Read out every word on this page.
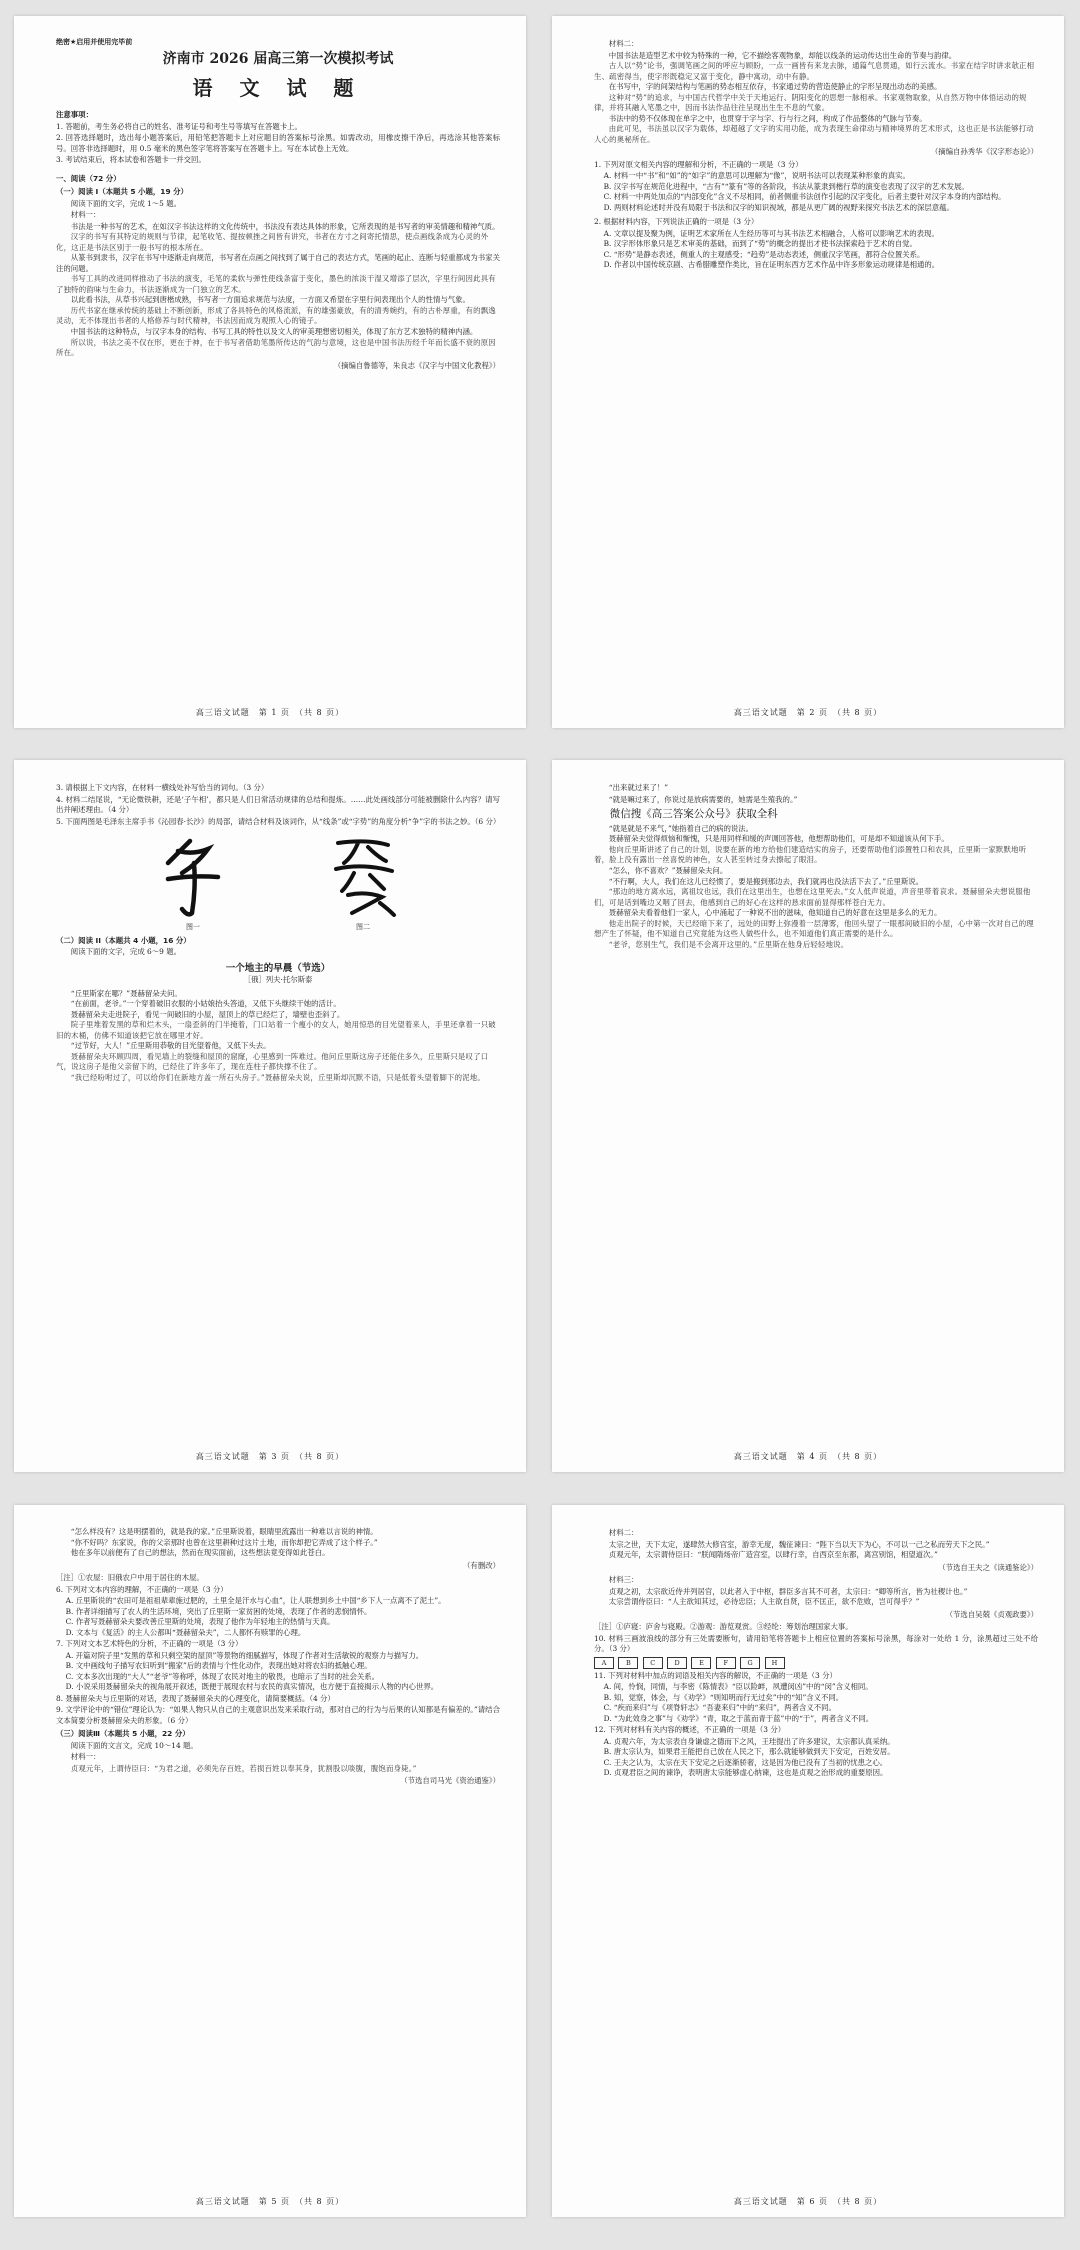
绝密★启用并使用完毕前
济南市 2026 届高三第一次模拟考试
语 文 试 题
注意事项：
1. 答题前，考生务必将自己的姓名、准考证号和考生号等填写在答题卡上。
2. 回答选择题时，选出每小题答案后，用铅笔把答题卡上对应题目的答案标号涂黑。如需改动，用橡皮擦干净后，再选涂其他答案标号。回答非选择题时，用 0.5 毫米的黑色签字笔将答案写在答题卡上。写在本试卷上无效。
3. 考试结束后，将本试卷和答题卡一并交回。
一、阅读（72 分）
（一）阅读 I（本题共 5 小题，19 分）
阅读下面的文字，完成 1～5 题。
材料一：

书法是一种书写的艺术，在如汉字书法这样的文化传统中，书法没有表达具体的形象，它所表现的是书写者的审美情趣和精神气质。

汉字的书写有其特定的规则与节律，起笔收笔、提按顿挫之间皆有讲究，书者在方寸之间寄托情思，使点画线条成为心灵的外化，这正是书法区别于一般书写的根本所在。

从篆书到隶书，汉字在书写中逐渐走向规范，书写者在点画之间找到了属于自己的表达方式，笔画的起止、连断与轻重都成为书家关注的问题。

书写工具的改进同样推动了书法的演变，毛笔的柔软与弹性使线条富于变化，墨色的浓淡干湿又增添了层次，字里行间因此具有了独特的韵味与生命力，书法逐渐成为一门独立的艺术。

以此看书法，从草书兴起到唐楷成熟，书写者一方面追求规范与法度，一方面又希望在字里行间表现出个人的性情与气象。

历代书家在继承传统的基础上不断创新，形成了各具特色的风格流派，有的雄强豪放，有的清秀婉约，有的古朴厚重，有的飘逸灵动，无不体现出书者的人格修养与时代精神，书法因而成为观照人心的镜子。

中国书法的这种特点，与汉字本身的结构、书写工具的特性以及文人的审美理想密切相关，体现了东方艺术独特的精神内涵。

所以说，书法之美不仅在形，更在于神，在于书写者借助笔墨所传达的气韵与意境，这也是中国书法历经千年而长盛不衰的原因所在。

（摘编自鲁德等，朱良志《汉字与中国文化教程》）
高三语文试题　第 1 页　（共 8 页）
材料二：

中国书法是造型艺术中较为特殊的一种，它不描绘客观物象，却能以线条的运动传达出生命的节奏与韵律。

古人以“势”论书，强调笔画之间的呼应与顾盼，一点一画皆有来龙去脉，通篇气息贯通，如行云流水。书家在结字时讲求欹正相生、疏密得当，使字形既稳定又富于变化，静中寓动，动中有静。

在书写中，字的间架结构与笔画的势态相互依存，书家通过势的营造使静止的字形呈现出动态的美感。

这种对“势”的追求，与中国古代哲学中关于天地运行、阴阳变化的思想一脉相承。书家观物取象，从自然万物中体悟运动的规律，并将其融入笔墨之中，因而书法作品往往呈现出生生不息的气象。

书法中的势不仅体现在单字之中，也贯穿于字与字、行与行之间，构成了作品整体的气脉与节奏。

由此可见，书法虽以汉字为载体，却超越了文字的实用功能，成为表现生命律动与精神境界的艺术形式，这也正是书法能够打动人心的奥秘所在。

（摘编自孙秀华《汉字形态论》）
1. 下列对原文相关内容的理解和分析，不正确的一项是（3 分）
A. 材料一中“书”和“如”的“如字”的意思可以理解为“像”，说明书法可以表现某种形象的真实。
B. 汉字书写在规范化进程中，“古有”“篆有”等的各阶段，书法从篆隶到楷行草的演变也表现了汉字的艺术发展。
C. 材料一中两处加点的“内部变化”含义不尽相同，前者侧重书法创作引起的汉字变化，后者主要针对汉字本身的内部结构。
D. 两则材料论述时并没有局限于书法和汉字的知识视域，都是从更广阔的视野来探究书法艺术的深层意蕴。
2. 根据材料内容，下列说法正确的一项是（3 分）
A. 文章以提及聚为例，证明艺术家所在人生经历等可与其书法艺术相融合，人格可以影响艺术的表现。
B. 汉字形体形象只是艺术审美的基础，而到了“势”的概念的提出才使书法探索趋于艺术的自觉。
C. “形势”是静态表述，侧重人的主观感受；“趋势”是动态表述，侧重汉字笔画，都符合位置关系。
D. 作者以中国传统京剧、古希腊雕塑作类比，旨在证明东西方艺术作品中许多形象运动规律是相通的。
高三语文试题　第 2 页　（共 8 页）
3. 请根据上下文内容，在材料一横线处补写恰当的词句。（3 分）
4. 材料二结尾说，“无论微铁耕，还是‘子午相’，都只是人们日常活动规律的总结和提炼。……此处画线部分可能被删除什么内容？请写出并阐述理由。（4 分）
5. 下面两图是毛泽东主席手书《沁园春·长沙》的局部，请结合材料及该词作，从“线条”或“字势”的角度分析“争”字的书法之妙。（6 分）
图一	图二
（二）阅读 II（本题共 4 小题，16 分）
阅读下面的文字，完成 6～9 题。
一个地主的早晨（节选）
［俄］列夫·托尔斯泰

“丘里斯家在哪？”聂赫留朵夫问。

“在前面，老爷。”一个穿着破旧衣服的小姑娘抬头答道，又低下头继续干她的活计。

聂赫留朵夫走进院子，看见一间破旧的小屋，屋顶上的草已经烂了，墙壁也歪斜了。

院子里堆着发黑的草和烂木头，一扇歪斜的门半掩着，门口站着一个瘦小的女人，她用惊恐的目光望着来人，手里还拿着一只破旧的木桶，仿佛不知道该把它放在哪里才好。

“过节好，大人！”丘里斯用恭敬的目光望着他，又低下头去。

聂赫留朵夫环顾四周，看见墙上的裂缝和屋顶的窟窿，心里感到一阵难过。他问丘里斯这房子还能住多久，丘里斯只是叹了口气，说这房子是他父亲留下的，已经住了许多年了，现在连柱子都快撑不住了。

“我已经吩咐过了，可以给你们在新地方盖一所石头房子。”聂赫留朵夫说，丘里斯却沉默不语，只是低着头望着脚下的泥地。

高三语文试题　第 3 页　（共 8 页）
“出来就过来了！”
“就是嘛过来了，你说过是放病需要的，她需是生殖我的。”
微信搜《高三答案公众号》获取全科

“就是就是不来气，”她指着自己的病的说法。

聂赫留朵夫觉得烦恼和惭愧，只是用同样和缓的声调回答他，他想帮助他们，可是却不知道该从何下手。

他向丘里斯讲述了自己的计划，说要在新的地方给他们建造结实的房子，还要帮助他们添置牲口和农具，丘里斯一家默默地听着，脸上没有露出一丝喜悦的神色，女人甚至转过身去擦起了眼泪。

“怎么，你不喜欢？”聂赫留朵夫问。

“不行啊，大人，我们在这儿已经惯了，要是搬到那边去，我们就再也没法活下去了。”丘里斯说。

“那边的地方离水远，离祖坟也远，我们在这里出生，也想在这里死去。”女人低声说道，声音里带着哀求。聂赫留朵夫想说服他们，可是话到嘴边又咽了回去，他感到自己的好心在这样的恳求面前显得那样苍白无力。

聂赫留朵夫看着他们一家人，心中涌起了一种说不出的滋味，他知道自己的好意在这里是多么的无力。

他走出院子的时候，天已经暗下来了，远处的田野上弥漫着一层薄雾，他回头望了一眼那间破旧的小屋，心中第一次对自己的理想产生了怀疑，他不知道自己究竟能为这些人做些什么，也不知道他们真正需要的是什么。

“老爷，您别生气，我们是不会离开这里的。”丘里斯在他身后轻轻地说。

高三语文试题　第 4 页　（共 8 页）

“怎么样没有？这是明摆着的，就是我的家。”丘里斯说着，眼睛里流露出一种难以言说的神情。

“你不好吗？东家说，你的父亲那时也曾在这里耕种过这片土地，而你却把它弄成了这个样子。”

他在多年以前便有了自己的想法，然而在现实面前，这些想法竟变得如此苍白。

（有删改）
［注］①农屋：旧俄农户中用于居住的木屋。
6. 下列对文本内容的理解，不正确的一项是（3 分）
A. 丘里斯说的“农田可是祖祖辈辈施过肥的，土里全是汗水与心血”，让人联想到乡土中国“乡下人一点离不了泥土”。
B. 作者详细描写了农人的生活环境，突出了丘里斯一家贫困的处境，表现了作者的悲悯情怀。
C. 作者写聂赫留朵夫要改善丘里斯的处境，表现了他作为年轻地主的热情与天真。
D. 文本与《复活》的主人公都叫“聂赫留朵夫”，二人都怀有赎罪的心理。
7. 下列对文本艺术特色的分析，不正确的一项是（3 分）
A. 开篇对院子里“发黑的草和只剩空架的屋顶”等景物的细腻描写，体现了作者对生活敏锐的观察力与描写力。
B. 文中画线句子描写农妇听到“搬家”后的表情与个性化动作，表现出她对将农妇的抵触心理。
C. 文本多次出现的“大人”“老爷”等称呼，体现了农民对地主的敬畏，也暗示了当时的社会关系。
D. 小说采用聂赫留朵夫的视角展开叙述，既便于展现农村与农民的真实情况，也方便于直接揭示人物的内心世界。
8. 聂赫留朵夫与丘里斯的对话，表现了聂赫留朵夫的心理变化，请简要概括。（4 分）
9. 文学评论中的“错位”理论认为：“如果人物只从自己的主观意识出发来采取行动，那对自己的行为与后果的认知都是有偏差的。”请结合文本简要分析聂赫留朵夫的形象。（6 分）
（三）阅读Ⅲ（本题共 5 小题，22 分）
阅读下面的文言文，完成 10～14 题。
材料一：

贞观元年，上谓侍臣曰：“为君之道，必须先存百姓，若损百姓以奉其身，犹割股以啖腹，腹饱而身毙。”

（节选自司马光《资治通鉴》）
高三语文试题　第 5 页　（共 8 页）
材料二：

太宗之世，天下太定，遂肆然大修宫室，游幸无度，魏征谏曰：“陛下当以天下为心，不可以一己之私而劳天下之民。”

贞观元年，太宗谓侍臣曰：“朕闻隋炀帝广造宫室，以肆行幸，自西京至东都，离宫别馆，相望道次。”

（节选自王夫之《读通鉴论》）
材料三：

贞观之初，太宗欲近侍并列居官，以此者入于中枢，群臣多言其不可者，太宗曰：“卿等所言，皆为社稷计也。”

太宗尝谓侍臣曰：“人主欲知其过，必待忠臣；人主欲自贤，臣不匡正，欲不危败，岂可得乎？”

（节选自吴兢《贞观政要》）
［注］①庐寝：庐舍与寝殿。②游观：游览观赏。③经纶：筹划治理国家大事。
10. 材料三画波浪线的部分有三处需要断句，请用铅笔将答题卡上相应位置的答案标号涂黑，每涂对一处给 1 分，涂黑超过三处不给分。（3 分）
A	B	C	D	E	F	G	H
11. 下列对材料中加点的词语及相关内容的解说，不正确的一项是（3 分）
A. 间，怜悯，同情，与李密《陈情表》“臣以险衅，夙遭闵凶”中的“闵”含义相同。
B. 知，觉察，体会，与《劝学》“则知明而行无过矣”中的“知”含义不同。
C. “疾而来归”与《项脊轩志》“吾妻来归”中的“来归”，两者含义不同。
D. “为此效身之事”与《劝学》“青，取之于蓝而青于蓝”中的“于”，两者含义不同。
12. 下列对材料有关内容的概述，不正确的一项是（3 分）
A. 贞观六年，为太宗表自身谦虚之德而下之风，王珪提出了许多建议，太宗都认真采纳。
B. 唐太宗认为，如果君王能把自己放在人民之下，那么就能够做到天下安定，百姓安居。
C. 王夫之认为，太宗在天下安定之后逐渐骄奢，这是因为他已没有了当初的忧患之心。
D. 贞观君臣之间的谏诤，表明唐太宗能够虚心纳谏，这也是贞观之治形成的重要原因。
高三语文试题　第 6 页　（共 8 页）
